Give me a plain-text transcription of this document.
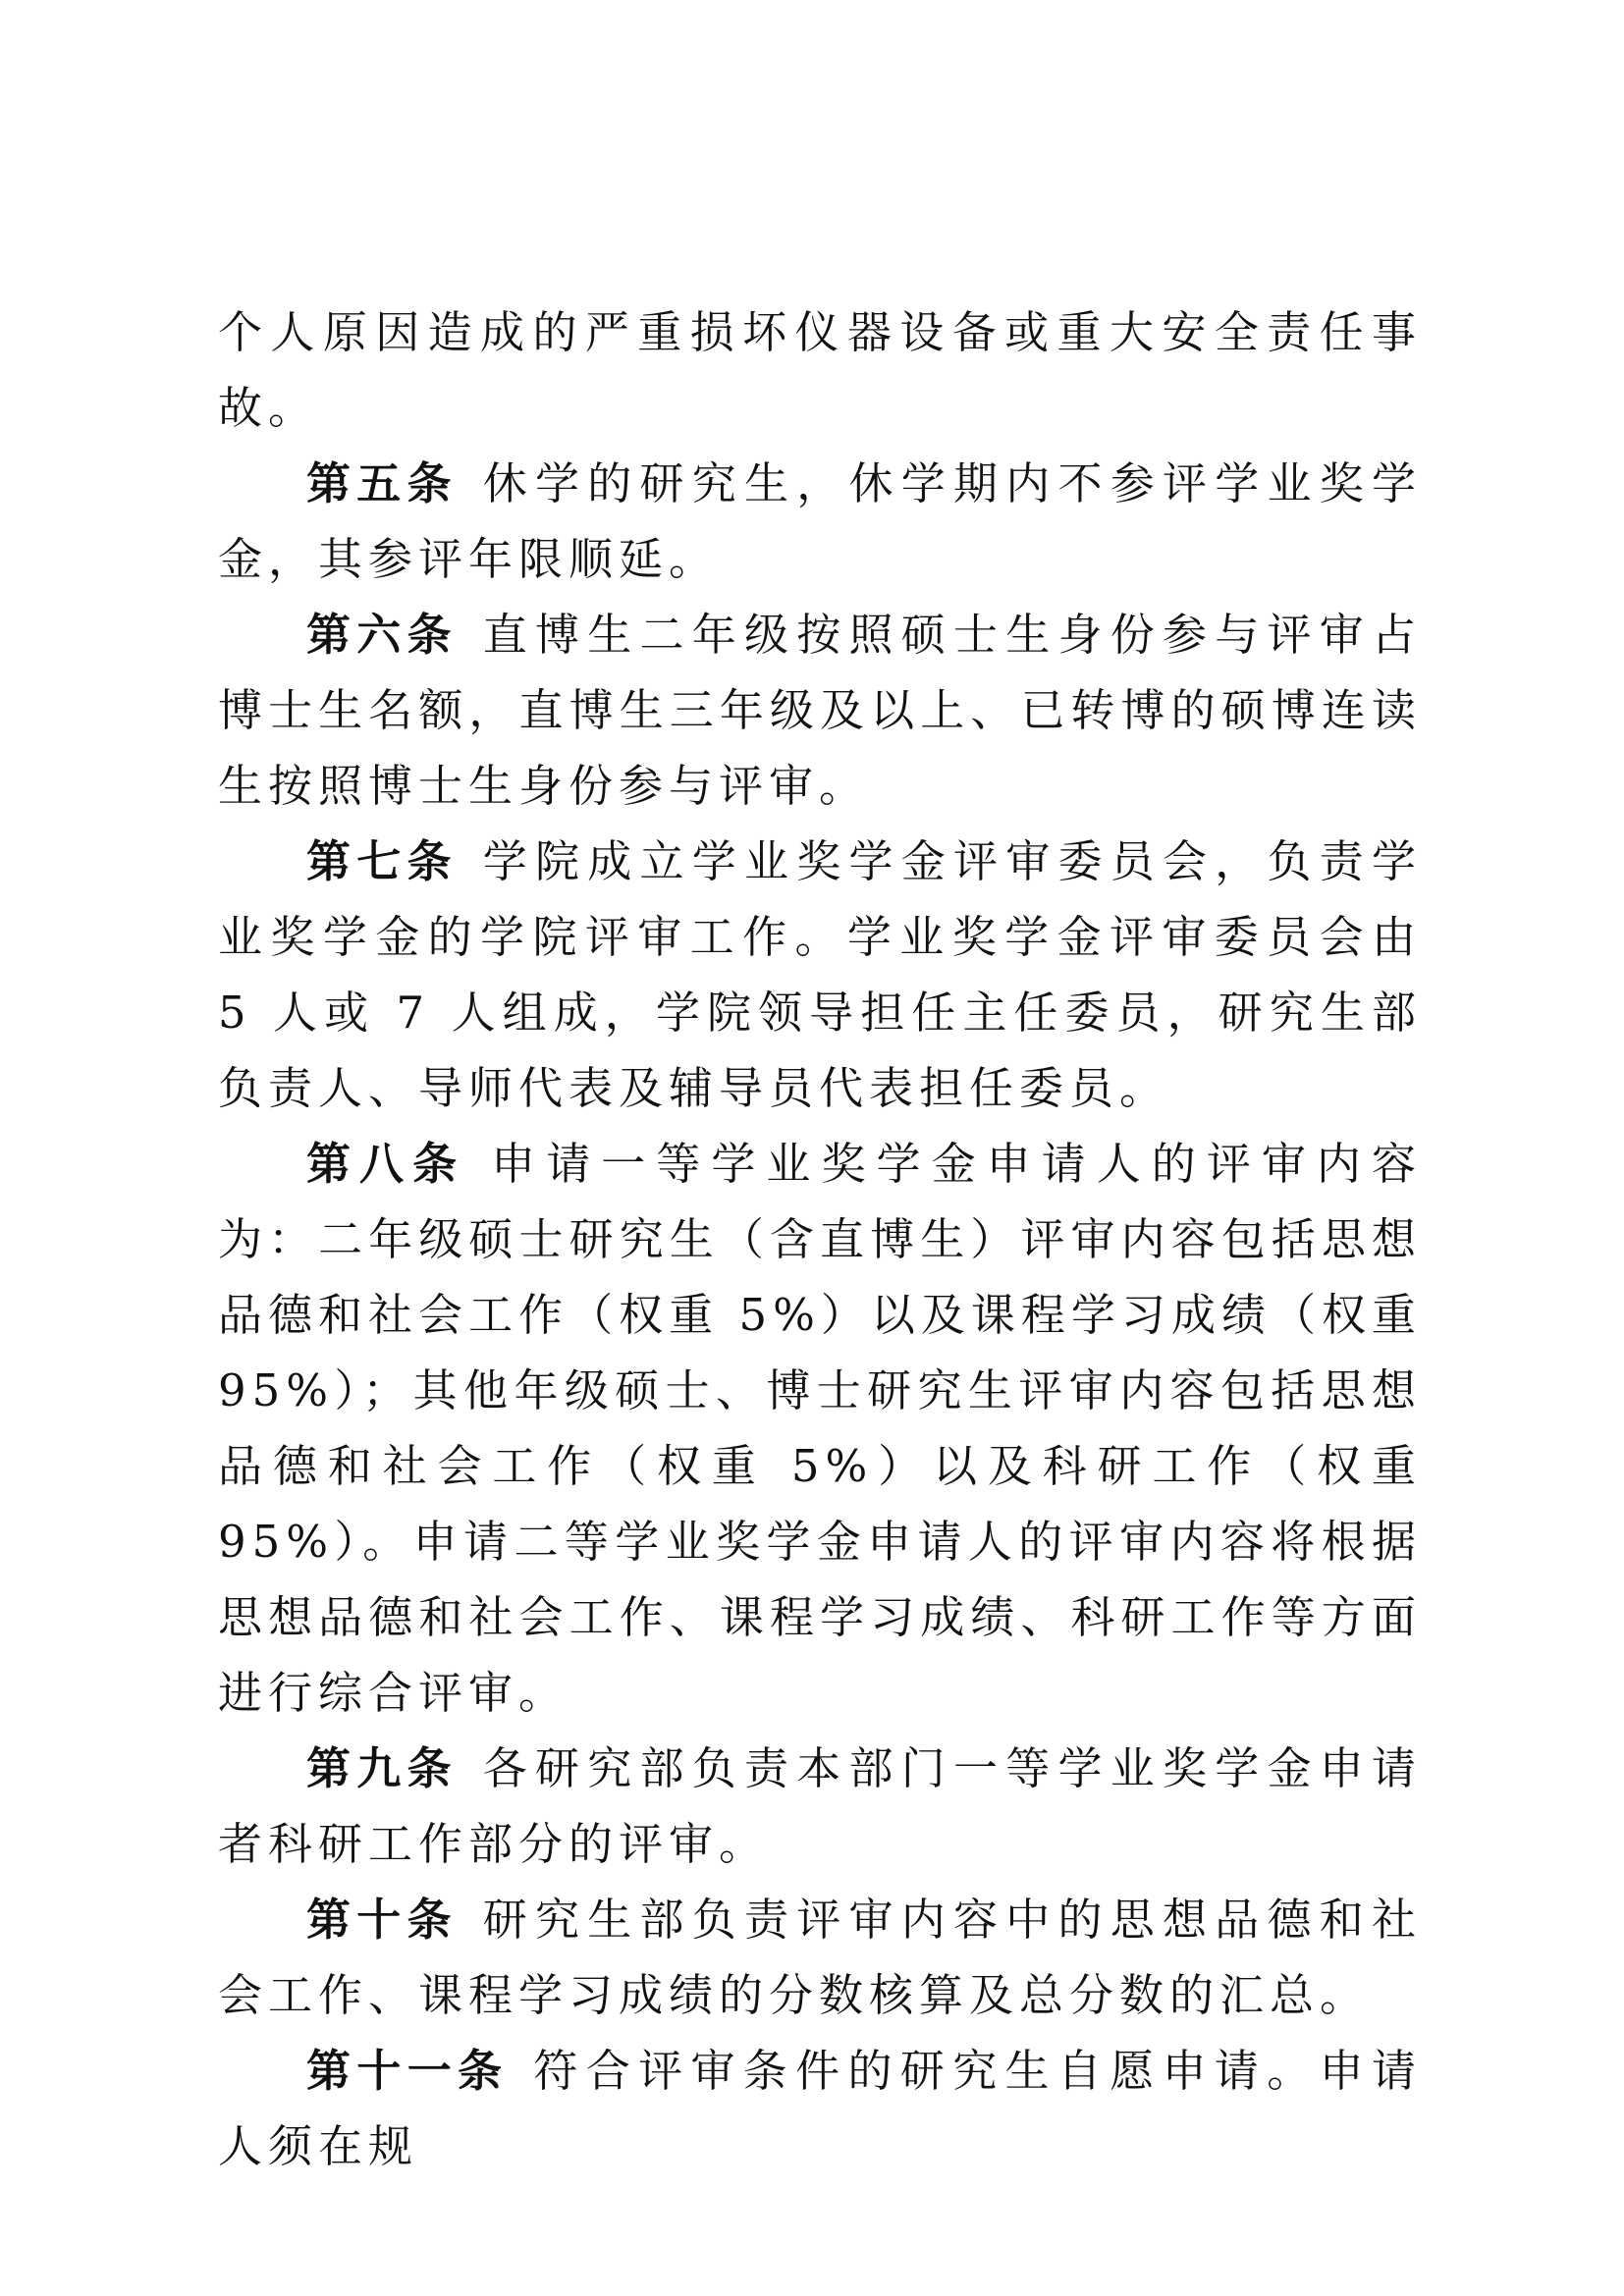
个人原因造成的严重损坏仪器设备或重大安全责任事故。

第五条 休学的研究生，休学期内不参评学业奖学金，其参评年限顺延。

第六条 直博生二年级按照硕士生身份参与评审占博士生名额，直博生三年级及以上、已转博的硕博连读生按照博士生身份参与评审。

第七条 学院成立学业奖学金评审委员会，负责学业奖学金的学院评审工作。学业奖学金评审委员会由 5 人或 7 人组成，学院领导担任主任委员，研究生部负责人、导师代表及辅导员代表担任委员。

第八条 申请一等学业奖学金申请人的评审内容为：二年级硕士研究生（含直博生）评审内容包括思想品德和社会工作（权重 5%）以及课程学习成绩（权重 95%）；其他年级硕士、博士研究生评审内容包括思想品德和社会工作（权重 5%）以及科研工作（权重 95%）。申请二等学业奖学金申请人的评审内容将根据思想品德和社会工作、课程学习成绩、科研工作等方面进行综合评审。

第九条 各研究部负责本部门一等学业奖学金申请者科研工作部分的评审。

第十条 研究生部负责评审内容中的思想品德和社会工作、课程学习成绩的分数核算及总分数的汇总。

第十一条 符合评审条件的研究生自愿申请。申请人须在规
